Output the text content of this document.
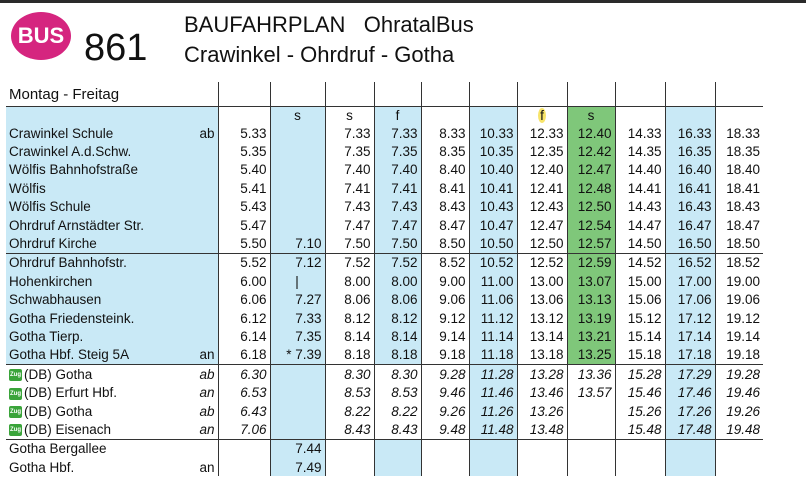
BUS 861
BAUFAHRPLAN OhratalBus
Crawinkel - Ohrdruf - Gotha
Montag - Freitag												
			s	s	f			f	s			
Crawinkel Schule	ab	5.33		7.33	7.33	8.33	10.33	12.33	12.40	14.33	16.33	18.33
Crawinkel A.d.Schw.		5.35		7.35	7.35	8.35	10.35	12.35	12.42	14.35	16.35	18.35
Wölfis Bahnhofstraße		5.40		7.40	7.40	8.40	10.40	12.40	12.47	14.40	16.40	18.40
Wölfis		5.41		7.41	7.41	8.41	10.41	12.41	12.48	14.41	16.41	18.41
Wölfis Schule		5.43		7.43	7.43	8.43	10.43	12.43	12.50	14.43	16.43	18.43
Ohrdruf Arnstädter Str.		5.47		7.47	7.47	8.47	10.47	12.47	12.54	14.47	16.47	18.47
Ohrdruf Kirche		5.50	7.10	7.50	7.50	8.50	10.50	12.50	12.57	14.50	16.50	18.50
Ohrdruf Bahnhofstr.		5.52	7.12	7.52	7.52	8.52	10.52	12.52	12.59	14.52	16.52	18.52
Hohenkirchen		6.00	|	8.00	8.00	9.00	11.00	13.00	13.07	15.00	17.00	19.00
Schwabhausen		6.06	7.27	8.06	8.06	9.06	11.06	13.06	13.13	15.06	17.06	19.06
Gotha Friedensteink.		6.12	7.33	8.12	8.12	9.12	11.12	13.12	13.19	15.12	17.12	19.12
Gotha Tierp.		6.14	7.35	8.14	8.14	9.14	11.14	13.14	13.21	15.14	17.14	19.14
Gotha Hbf. Steig 5A	an	6.18	* 7.39	8.18	8.18	9.18	11.18	13.18	13.25	15.18	17.18	19.18
Zug (DB) Gotha	ab	6.30		8.30	8.30	9.28	11.28	13.28	13.36	15.28	17.29	19.28
Zug (DB) Erfurt Hbf.	an	6.53		8.53	8.53	9.46	11.46	13.46	13.57	15.46	17.46	19.46
Zug (DB) Gotha	ab	6.43		8.22	8.22	9.26	11.26	13.26		15.26	17.26	19.26
Zug (DB) Eisenach	an	7.06		8.43	8.43	9.48	11.48	13.48		15.48	17.48	19.48
Gotha Bergallee			7.44									
Gotha Hbf.	an		7.49									
